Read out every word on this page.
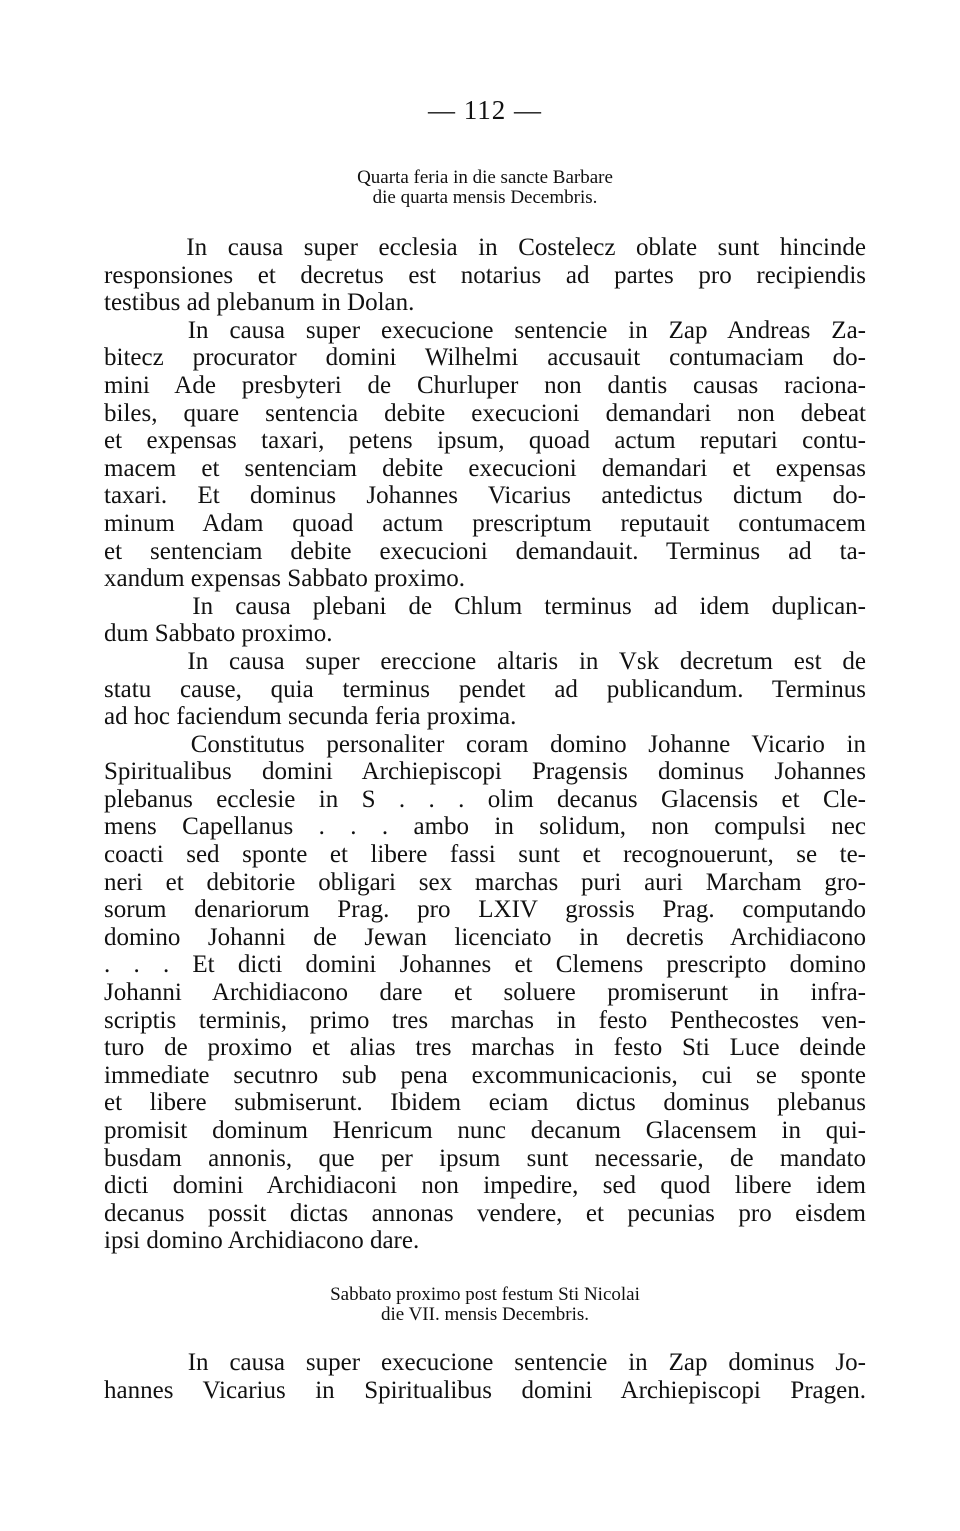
— 112 —
Quarta feria in die sancte Barbare
die quarta mensis Decembris.
In causa super ecclesia in Costelecz oblate sunt hincinde
responsiones et decretus est notarius ad partes pro recipiendis
testibus ad plebanum in Dolan.
In causa super execucione sentencie in Zap Andreas Za-
bitecz procurator domini Wilhelmi accusauit contumaciam do-
mini Ade presbyteri de Churluper non dantis causas raciona-
biles, quare sentencia debite execucioni demandari non debeat
et expensas taxari, petens ipsum, quoad actum reputari contu-
macem et sentenciam debite execucioni demandari et expensas
taxari. Et dominus Johannes Vicarius antedictus dictum do-
minum Adam quoad actum prescriptum reputauit contumacem
et sentenciam debite execucioni demandauit. Terminus ad ta-
xandum expensas Sabbato proximo.
In causa plebani de Chlum terminus ad idem duplican-
dum Sabbato proximo.
In causa super ereccione altaris in Vsk decretum est de
statu cause, quia terminus pendet ad publicandum. Terminus
ad hoc faciendum secunda feria proxima.
Constitutus personaliter coram domino Johanne Vicario in
Spiritualibus domini Archiepiscopi Pragensis dominus Johannes
plebanus ecclesie in S . . . olim decanus Glacensis et Cle-
mens Capellanus . . . ambo in solidum, non compulsi nec
coacti sed sponte et libere fassi sunt et recognouerunt, se te-
neri et debitorie obligari sex marchas puri auri Marcham gro-
sorum denariorum Prag. pro LXIV grossis Prag. computando
domino Johanni de Jewan licenciato in decretis Archidiacono
. . . Et dicti domini Johannes et Clemens prescripto domino
Johanni Archidiacono dare et soluere promiserunt in infra-
scriptis terminis, primo tres marchas in festo Penthecostes ven-
turo de proximo et alias tres marchas in festo Sti Luce deinde
immediate secutnro sub pena excommunicacionis, cui se sponte
et libere submiserunt. Ibidem eciam dictus dominus plebanus
promisit dominum Henricum nunc decanum Glacensem in qui-
busdam annonis, que per ipsum sunt necessarie, de mandato
dicti domini Archidiaconi non impedire, sed quod libere idem
decanus possit dictas annonas vendere, et pecunias pro eisdem
ipsi domino Archidiacono dare.
Sabbato proximo post festum Sti Nicolai
die VII. mensis Decembris.
In causa super execucione sentencie in Zap dominus Jo-
hannes Vicarius in Spiritualibus domini Archiepiscopi Pragen.
